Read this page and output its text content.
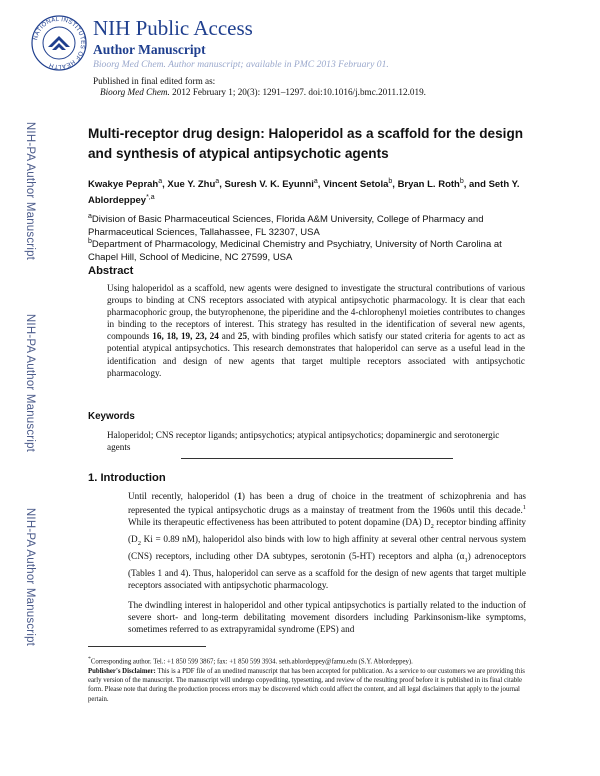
NATIONAL INSTITUTES OF HEALTH
NIH Public Access
Author Manuscript
Bioorg Med Chem. Author manuscript; available in PMC 2013 February 01.
Published in final edited form as:
Bioorg Med Chem. 2012 February 1; 20(3): 1291–1297. doi:10.1016/j.bmc.2011.12.019.
NIH-PA Author Manuscript
NIH-PA Author Manuscript
NIH-PA Author Manuscript
Multi-receptor drug design: Haloperidol as a scaffold for the design and synthesis of atypical antipsychotic agents
Kwakye Peprah$^a$, Xue Y. Zhu$^a$, Suresh V. K. Eyunni$^a$, Vincent Setola$^b$, Bryan L. Roth$^b$, and Seth Y. Ablordeppey$^{*,a}$
$^a$Division of Basic Pharmaceutical Sciences, Florida A&M University, College of Pharmacy and Pharmaceutical Sciences, Tallahassee, FL 32307, USA
$^b$Department of Pharmacology, Medicinal Chemistry and Psychiatry, University of North Carolina at Chapel Hill, School of Medicine, NC 27599, USA
Abstract
Using haloperidol as a scaffold, new agents were designed to investigate the structural contributions of various groups to binding at CNS receptors associated with atypical antipsychotic pharmacology. It is clear that each pharmacophoric group, the butyrophenone, the piperidine and the 4-chlorophenyl moieties contributes to changes in binding to the receptors of interest. This strategy has resulted in the identification of several new agents, compounds 16, 18, 19, 23, 24 and 25, with binding profiles which satisfy our stated criteria for agents to act as potential atypical antipsychotics. This research demonstrates that haloperidol can serve as a useful lead in the identification and design of new agents that target multiple receptors associated with antipsychotic pharmacology.
Keywords
Haloperidol; CNS receptor ligands; antipsychotics; atypical antipsychotics; dopaminergic and serotonergic agents
1. Introduction
Until recently, haloperidol (1) has been a drug of choice in the treatment of schizophrenia and has represented the typical antipsychotic drugs as a mainstay of treatment from the 1960s until this decade.$^1$ While its therapeutic effectiveness has been attributed to potent dopamine (DA) $D_2$ receptor binding affinity ($D_2$ Ki = 0.89 nM), haloperidol also binds with low to high affinity at several other central nervous system (CNS) receptors, including other DA subtypes, serotonin (5-HT) receptors and alpha $(\alpha_1)$ adrenoceptors (Tables 1 and 4). Thus, haloperidol can serve as a scaffold for the design of new agents that target multiple receptors associated with antipsychotic pharmacology.
The dwindling interest in haloperidol and other typical antipsychotics is partially related to the induction of severe short- and long-term debilitating movement disorders including Parkinsonism-like symptoms, sometimes referred to as extrapyramidal syndrome (EPS) and
*Corresponding author. Tel.: +1 850 599 3867; fax: +1 850 599 3934. seth.ablordeppey@famu.edu (S.Y. Ablordeppey).
Publisher's Disclaimer: This is a PDF file of an unedited manuscript that has been accepted for publication. As a service to our customers we are providing this early version of the manuscript. The manuscript will undergo copyediting, typesetting, and review of the resulting proof before it is published in its final citable form. Please note that during the production process errors may be discovered which could affect the content, and all legal disclaimers that apply to the journal pertain.
